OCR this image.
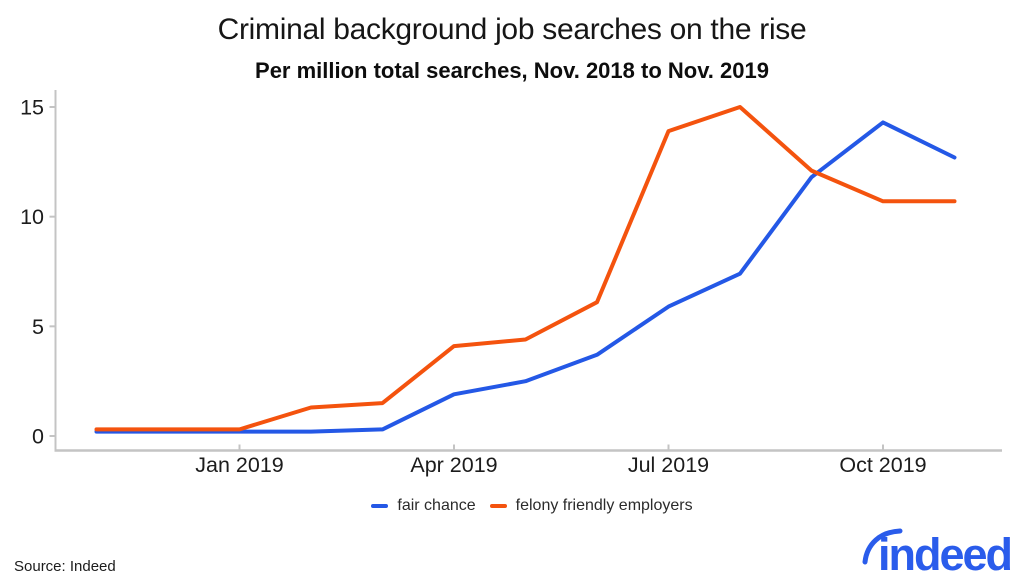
Criminal background job searches on the rise
Per million total searches, Nov. 2018 to Nov. 2019
0
5
10
15
Jan 2019	Apr 2019	Jul 2019	Oct 2019
fair chance	felony friendly employers
Source: Indeed	indeed
